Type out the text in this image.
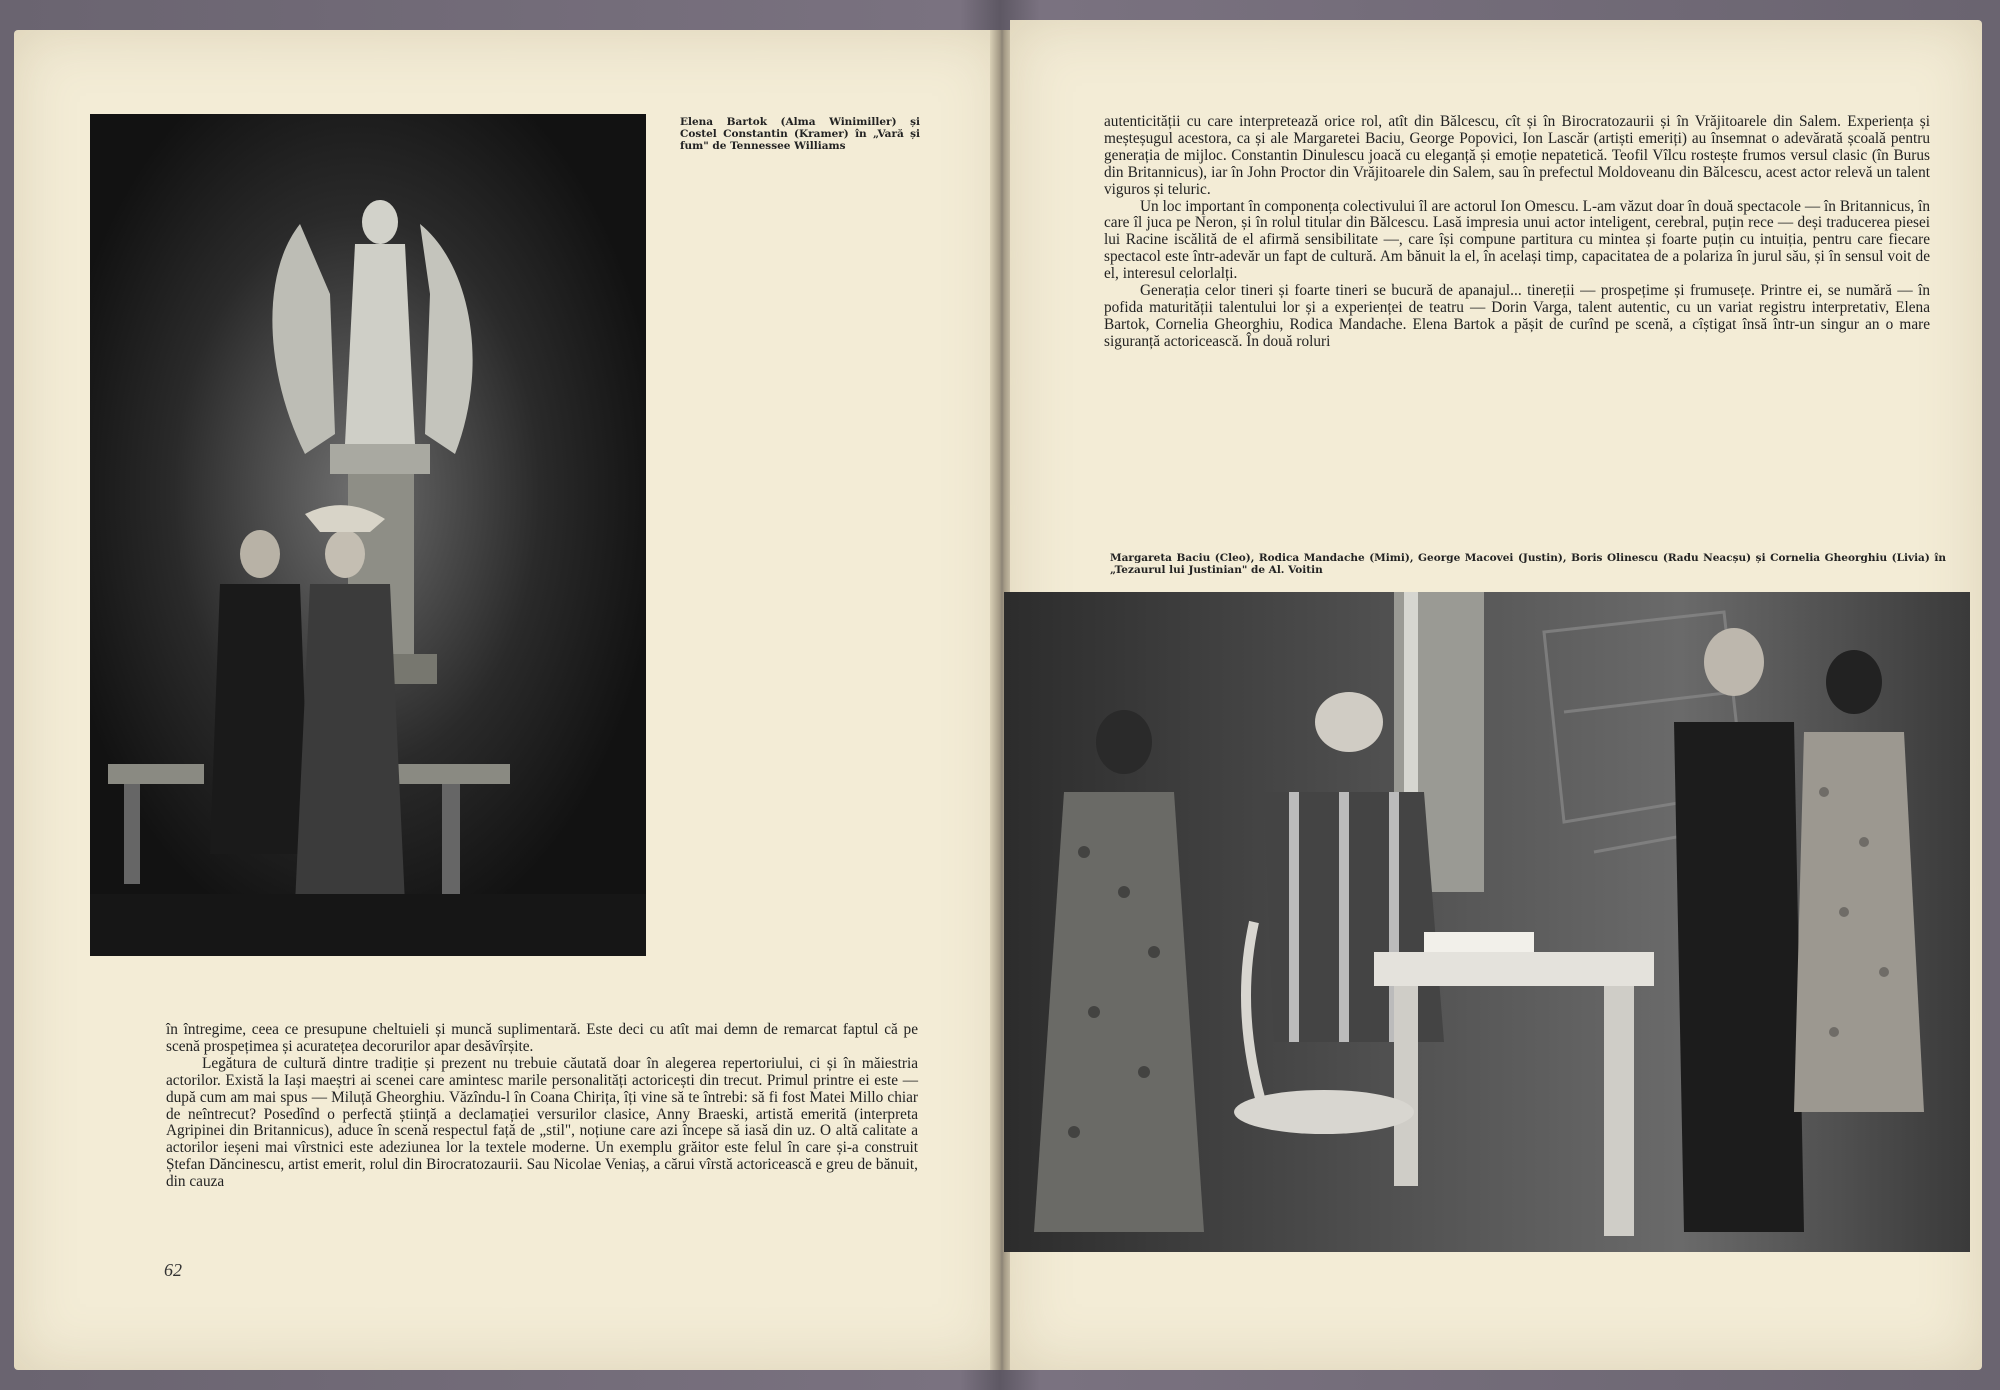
Elena Bartok (Alma Winimiller) și Costel Constantin (Kramer) în „Vară și fum" de Tennessee Williams

în întregime, ceea ce presupune cheltuieli și muncă suplimentară. Este deci cu atît mai demn de remarcat faptul că pe scenă prospețimea și acuratețea decorurilor apar desăvîrșite.

Legătura de cultură dintre tradiție și prezent nu trebuie căutată doar în alegerea repertoriului, ci și în măiestria actorilor. Există la Iași maeștri ai scenei care amintesc marile personalități actoricești din trecut. Primul printre ei este — după cum am mai spus — Miluță Gheorghiu. Văzîndu-l în Coana Chirița, îți vine să te întrebi: să fi fost Matei Millo chiar de neîntrecut? Posedînd o perfectă știință a declamației versurilor clasice, Anny Braeski, artistă emerită (interpreta Agripinei din Britannicus), aduce în scenă respectul față de „stil", noțiune care azi începe să iasă din uz. O altă calitate a actorilor ieșeni mai vîrstnici este adeziunea lor la textele moderne. Un exemplu grăitor este felul în care și-a construit Ștefan Dăncinescu, artist emerit, rolul din Birocratozaurii. Sau Nicolae Veniaș, a cărui vîrstă actoricească e greu de bănuit, din cauza

62

autenticității cu care interpretează orice rol, atît din Bălcescu, cît și în Birocratozaurii și în Vrăjitoarele din Salem. Experiența și meșteșugul acestora, ca și ale Margaretei Baciu, George Popovici, Ion Lascăr (artiști emeriți) au însemnat o adevărată școală pentru generația de mijloc. Constantin Dinulescu joacă cu eleganță și emoție nepatetică. Teofil Vîlcu rostește frumos versul clasic (în Burus din Britannicus), iar în John Proctor din Vrăjitoarele din Salem, sau în prefectul Moldoveanu din Bălcescu, acest actor relevă un talent viguros și teluric.

Un loc important în componența colectivului îl are actorul Ion Omescu. L-am văzut doar în două spectacole — în Britannicus, în care îl juca pe Neron, și în rolul titular din Bălcescu. Lasă impresia unui actor inteligent, cerebral, puțin rece — deși traducerea piesei lui Racine iscălită de el afirmă sensibilitate —, care își compune partitura cu mintea și foarte puțin cu intuiția, pentru care fiecare spectacol este într-adevăr un fapt de cultură. Am bănuit la el, în același timp, capacitatea de a polariza în jurul său, și în sensul voit de el, interesul celorlalți.

Generația celor tineri și foarte tineri se bucură de apanajul... tinereții — prospețime și frumusețe. Printre ei, se numără — în pofida maturității talentului lor și a experienței de teatru — Dorin Varga, talent autentic, cu un variat registru interpretativ, Elena Bartok, Cornelia Gheorghiu, Rodica Mandache. Elena Bartok a pășit de curînd pe scenă, a cîștigat însă într-un singur an o mare siguranță actoricească. În două roluri

Margareta Baciu (Cleo), Rodica Mandache (Mimi), George Macovei (Justin), Boris Olinescu (Radu Neacșu) și Cornelia Gheorghiu (Livia) în „Tezaurul lui Justinian" de Al. Voitin
